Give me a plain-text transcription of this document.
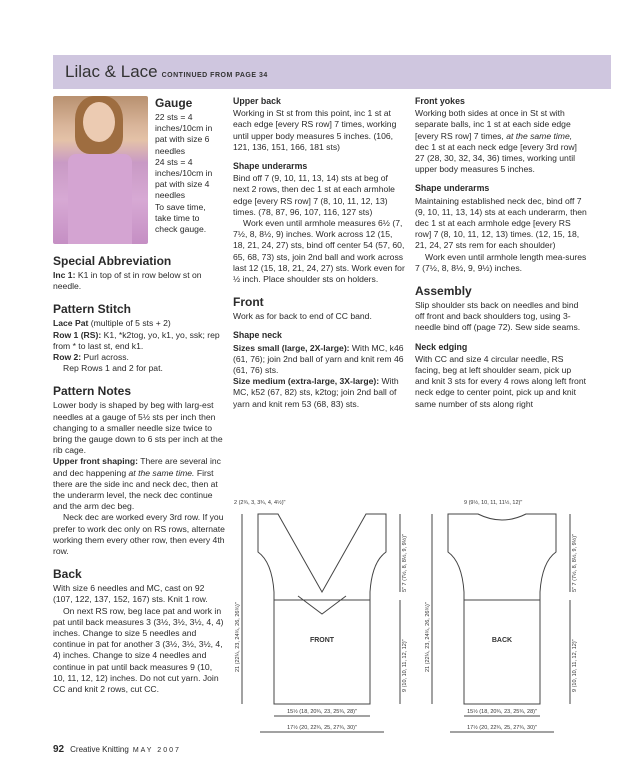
Lilac & Lace CONTINUED FROM PAGE 34
Gauge
22 sts = 4
inches/10cm in
pat with size 6
needles
24 sts = 4
inches/10cm in
pat with size 4
needles
To save time,
take time to
check gauge.
Special Abbreviation

Inc 1: K1 in top of st in row below st on needle.

Pattern Stitch

Lace Pat (multiple of 5 sts + 2)

Row 1 (RS): K1, *k2tog, yo, k1, yo, ssk; rep from * to last st, end k1.

Row 2: Purl across.

Rep Rows 1 and 2 for pat.

Pattern Notes

Lower body is shaped by beg with larg-est needles at a gauge of 5½ sts per inch then changing to a smaller needle size twice to bring the gauge down to 6 sts per inch at the rib cage.

Upper front shaping: There are several inc and dec happening at the same time. First there are the side inc and neck dec, then at the underarm level, the neck dec continue and the arm dec beg.

Neck dec are worked every 3rd row. If you prefer to work dec only on RS rows, alternate working them every other row, then every 4th row.

Back

With size 6 needles and MC, cast on 92 (107, 122, 137, 152, 167) sts. Knit 1 row.

On next RS row, beg lace pat and work in pat until back measures 3 (3½, 3½, 3½, 4, 4) inches. Change to size 5 needles and continue in pat for another 3 (3½, 3½, 3½, 4, 4) inches. Change to size 4 needles and continue in pat until back measures 9 (10, 10, 11, 12, 12) inches. Do not cut yarn. Join CC and knit 2 rows, cut CC.

Upper back

Working in St st from this point, inc 1 st at each edge [every RS row] 7 times, working until upper body measures 5 inches. (106, 121, 136, 151, 166, 181 sts)

Shape underarms

Bind off 7 (9, 10, 11, 13, 14) sts at beg of next 2 rows, then dec 1 st at each armhole edge [every RS row] 7 (8, 10, 11, 12, 13) times. (78, 87, 96, 107, 116, 127 sts)

Work even until armhole measures 6½ (7, 7½, 8, 8½, 9) inches. Work across 12 (15, 18, 21, 24, 27) sts, bind off center 54 (57, 60, 65, 68, 73) sts, join 2nd ball and work across last 12 (15, 18, 21, 24, 27) sts. Work even for ½ inch. Place shoulder sts on holders.

Front

Work as for back to end of CC band.

Shape neck

Sizes small (large, 2X-large): With MC, k46 (61, 76); join 2nd ball of yarn and knit rem 46 (61, 76) sts.

Size medium (extra-large, 3X-large): With MC, k52 (67, 82) sts, k2tog; join 2nd ball of yarn and knit rem 53 (68, 83) sts.

Front yokes

Working both sides at once in St st with separate balls, inc 1 st at each side edge [every RS row] 7 times, at the same time, dec 1 st at each neck edge [every 3rd row] 27 (28, 30, 32, 34, 36) times, working until upper body measures 5 inches.

Shape underarms

Maintaining established neck dec, bind off 7 (9, 10, 11, 13, 14) sts at each underarm, then dec 1 st at each armhole edge [every RS row] 7 (8, 10, 11, 12, 13) times. (12, 15, 18, 21, 24, 27 sts rem for each shoulder)

Work even until armhole length mea-sures 7 (7½, 8, 8½, 9, 9½) inches.

Assembly

Slip shoulder sts back on needles and bind off front and back shoulders tog, using 3-needle bind off (page 72). Sew side seams.

Neck edging

With CC and size 4 circular needle, RS facing, beg at left shoulder seam, pick up and knit 3 sts for every 4 rows along left front neck edge to center point, pick up and knit same number of sts along right

2 (2¾, 3, 3¾, 4, 4½)"
FRONT
21 (22¼, 23, 24¾, 26, 26¾)"
5" 7 (7½, 8, 8½, 9, 9½)"
9 (10, 10, 11, 12, 12)"
15½ (18, 20¾, 23, 25¾, 28)"
17½ (20, 22¾, 25, 27¾, 30)"
9 (9½, 10, 11, 11½, 12)"
BACK
21 (22¼, 23, 24¾, 26, 26¾)"
5" 7 (7½, 8, 8½, 9, 9½)"
9 (10, 10, 11, 12, 12)"
15½ (18, 20¾, 23, 25¾, 28)"
17½ (20, 22¾, 25, 27¾, 30)"
92 Creative Knitting MAY 2007
